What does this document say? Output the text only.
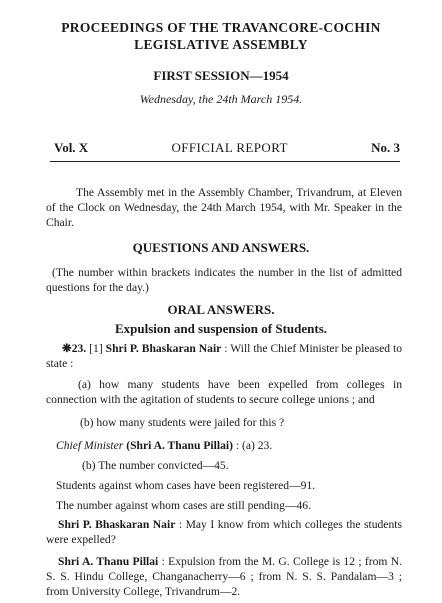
PROCEEDINGS OF THE TRAVANCORE-COCHIN
LEGISLATIVE ASSEMBLY
FIRST SESSION—1954
Wednesday, the 24th March 1954.
Vol. X	OFFICIAL REPORT	No. 3
The Assembly met in the Assembly Chamber, Trivandrum, at Eleven of the Clock on Wednesday, the 24th March 1954, with Mr. Speaker in the Chair.
QUESTIONS AND ANSWERS.
(The number within brackets indicates the number in the list of admitted questions for the day.)
ORAL ANSWERS.
Expulsion and suspension of Students.
❋23. [1] Shri P. Bhaskaran Nair : Will the Chief Minister be pleased to state :
(a) how many students have been expelled from colleges in connection with the agitation of students to secure college unions ; and
(b) how many students were jailed for this ?
Chief Minister (Shri A. Thanu Pillai) : (a) 23.
(b) The number convicted—45.
Students against whom cases have been registered—91.
The number against whom cases are still pending—46.
Shri P. Bhaskaran Nair : May I know from which colleges the students were expelled?
Shri A. Thanu Pillai : Expulsion from the M. G. College is 12 ; from N. S. S. Hindu College, Changanacherry—6 ; from N. S. S. Pandalam—3 ; from University College, Trivandrum—2.
